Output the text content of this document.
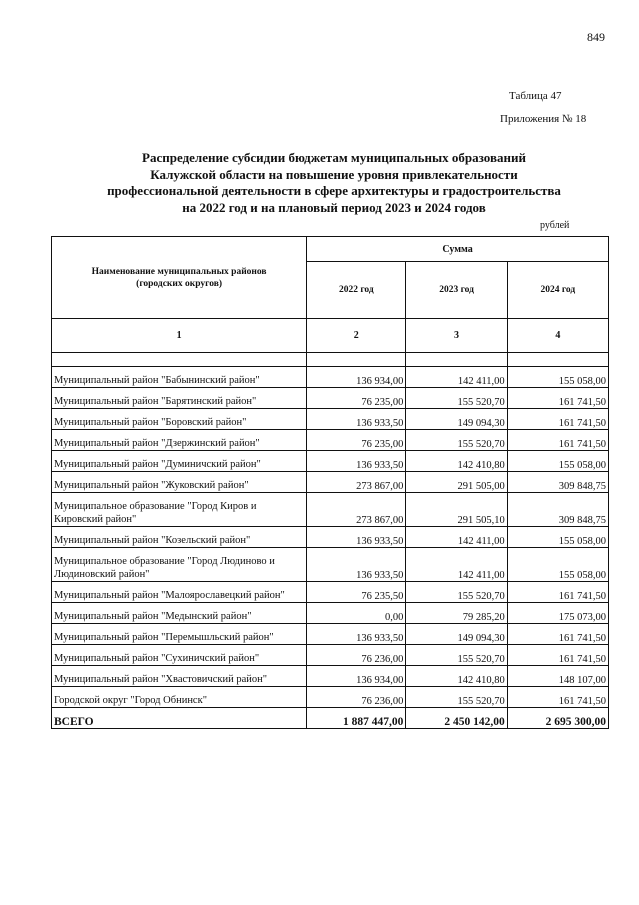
849
Таблица 47
Приложения № 18
Распределение субсидии бюджетам муниципальных образований
Калужской области на повышение уровня привлекательности
профессиональной деятельности в сфере архитектуры и градостроительства
на 2022 год и на плановый период 2023 и 2024 годов
рублей
Наименование муниципальных районов
(городских округов)	Сумма		
	2022 год	2023 год	2024 год
1	2	3	4

Муниципальный район "Бабынинский район"	136 934,00	142 411,00	155 058,00
Муниципальный район "Барятинский район"	76 235,00	155 520,70	161 741,50
Муниципальный район "Боровский район"	136 933,50	149 094,30	161 741,50
Муниципальный район "Дзержинский район"	76 235,00	155 520,70	161 741,50
Муниципальный район "Думиничский район"	136 933,50	142 410,80	155 058,00
Муниципальный район "Жуковский район"	273 867,00	291 505,00	309 848,75
Муниципальное образование "Город Киров и Кировский район"	273 867,00	291 505,10	309 848,75
Муниципальный район "Козельский район"	136 933,50	142 411,00	155 058,00
Муниципальное образование "Город Людиново и Людиновский район"	136 933,50	142 411,00	155 058,00
Муниципальный район "Малоярославецкий район"	76 235,50	155 520,70	161 741,50
Муниципальный район "Медынский район"	0,00	79 285,20	175 073,00
Муниципальный район "Перемышльский район"	136 933,50	149 094,30	161 741,50
Муниципальный район "Сухиничский район"	76 236,00	155 520,70	161 741,50
Муниципальный район "Хвастовичский район"	136 934,00	142 410,80	148 107,00
Городской округ "Город Обнинск"	76 236,00	155 520,70	161 741,50
ВСЕГО	1 887 447,00	2 450 142,00	2 695 300,00
